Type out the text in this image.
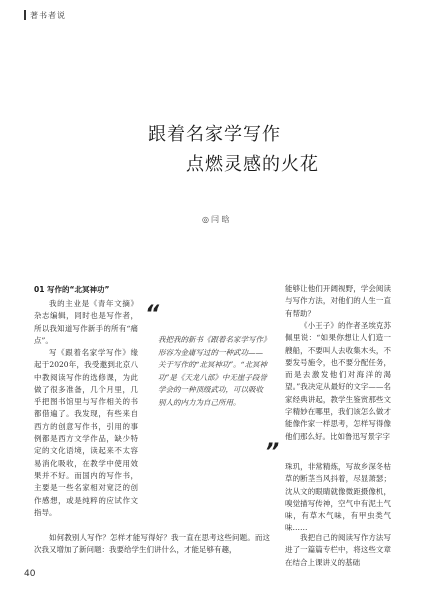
著书者说
跟着名家学写作
点燃灵感的火花
◎ 闫 晗
01 写作的“北冥神功”

我的主业是《青年文摘》杂志编辑，同时也是写作者，所以我知道写作新手的所有“痛点”。

写《跟着名家学写作》缘起于2020年，我受邀到北京八中教阅读写作的选修课，为此做了很多准备，几个月里，几乎把图书馆里与写作相关的书都借遍了。我发现，有些来自西方的创意写作书，引用的事例都是西方文学作品，缺少特定的文化语境，读起来不太容易消化吸收，在教学中使用效果并不好。而国内的写作书，主要是一些名家相对宽泛的创作感想，或是纯粹的应试作文指导。

如何教别人写作？怎样才能写得好？我一直在思考这些问题。而这次我又增加了新问题：我要给学生们讲什么，才能足够有趣，

“

我把我的新书《跟着名家学写作》形容为金庸写过的一种武功——关于写作的“北冥神功”。“北冥神功”是《天龙八部》中无崖子段誉学会的一种顶级武功，可以吸收别人的内力为自己所用。

”

能够让他们开阔视野，学会阅读与写作方法，对他们的人生一直有帮助？

《小王子》的作者圣埃克苏佩里说：“如果你想让人们造一艘船，不要叫人去收集木头，不要发号施令，也不要分配任务，而是去激发他们对海洋的渴望。”我决定从最好的文字——名家经典讲起，教学生鉴赏那些文字精妙在哪里，我们该怎么做才能像作家一样思考，怎样写得像他们那么好。比如鲁迅写景字字

珠玑，非常精炼，写故乡深冬枯草的断茎当风抖着，尽显萧瑟；沈从文的眼睛就像微距摄像机，嗅觉描写传神，空气中有泥土气味，有草木气味，有甲虫类气味……

我把自己的阅读写作方法写进了一篇篇专栏中，将这些文章在结合上课讲义的基础

40
